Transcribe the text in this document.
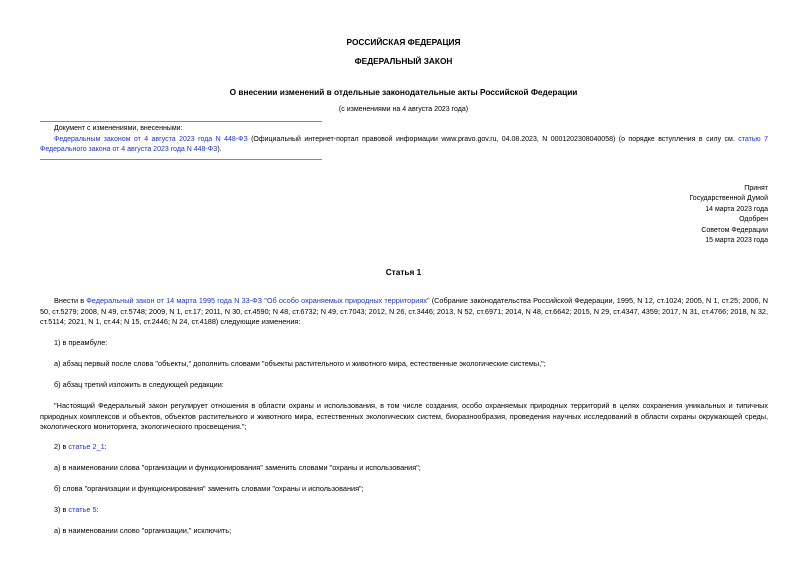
РОССИЙСКАЯ ФЕДЕРАЦИЯ
ФЕДЕРАЛЬНЫЙ ЗАКОН
О внесении изменений в отдельные законодательные акты Российской Федерации
(с изменениями на 4 августа 2023 года)
Документ с изменениями, внесенными:
Федеральным законом от 4 августа 2023 года N 448-ФЗ (Официальный интернет-портал правовой информации www.pravo.gov.ru, 04.08.2023, N 0001202308040058) (о порядке вступления в силу см. статью 7 Федерального закона от 4 августа 2023 года N 448-ФЗ).
Принят
Государственной Думой
14 марта 2023 года
Одобрен
Советом Федерации
15 марта 2023 года
Статья 1
Внести в Федеральный закон от 14 марта 1995 года N 33-ФЗ "Об особо охраняемых природных территориях" (Собрание законодательства Российской Федерации, 1995, N 12, ст.1024; 2005, N 1, ст.25; 2006, N 50, ст.5279; 2008, N 49, ст.5748; 2009, N 1, ст.17; 2011, N 30, ст.4590; N 48, ст.6732; N 49, ст.7043; 2012, N 26, ст.3446; 2013, N 52, ст.6971; 2014, N 48, ст.6642; 2015, N 29, ст.4347, 4359; 2017, N 31, ст.4766; 2018, N 32, ст.5114; 2021, N 1, ст.44; N 15, ст.2446; N 24, ст.4188) следующие изменения:
1) в преамбуле:
а) абзац первый после слова "объекты," дополнить словами "объекты растительного и животного мира, естественные экологические системы,";
б) абзац третий изложить в следующей редакции:
"Настоящий Федеральный закон регулирует отношения в области охраны и использования, в том числе создания, особо охраняемых природных территорий в целях сохранения уникальных и типичных природных комплексов и объектов, объектов растительного и животного мира, естественных экологических систем, биоразнообразия, проведения научных исследований в области охраны окружающей среды, экологического мониторинга, экологического просвещения.";
2) в статье 2_1:
а) в наименовании слова "организации и функционирования" заменить словами "охраны и использования";
б) слова "организации и функционирования" заменить словами "охраны и использования";
3) в статье 5:
а) в наименовании слово "организации," исключить;
